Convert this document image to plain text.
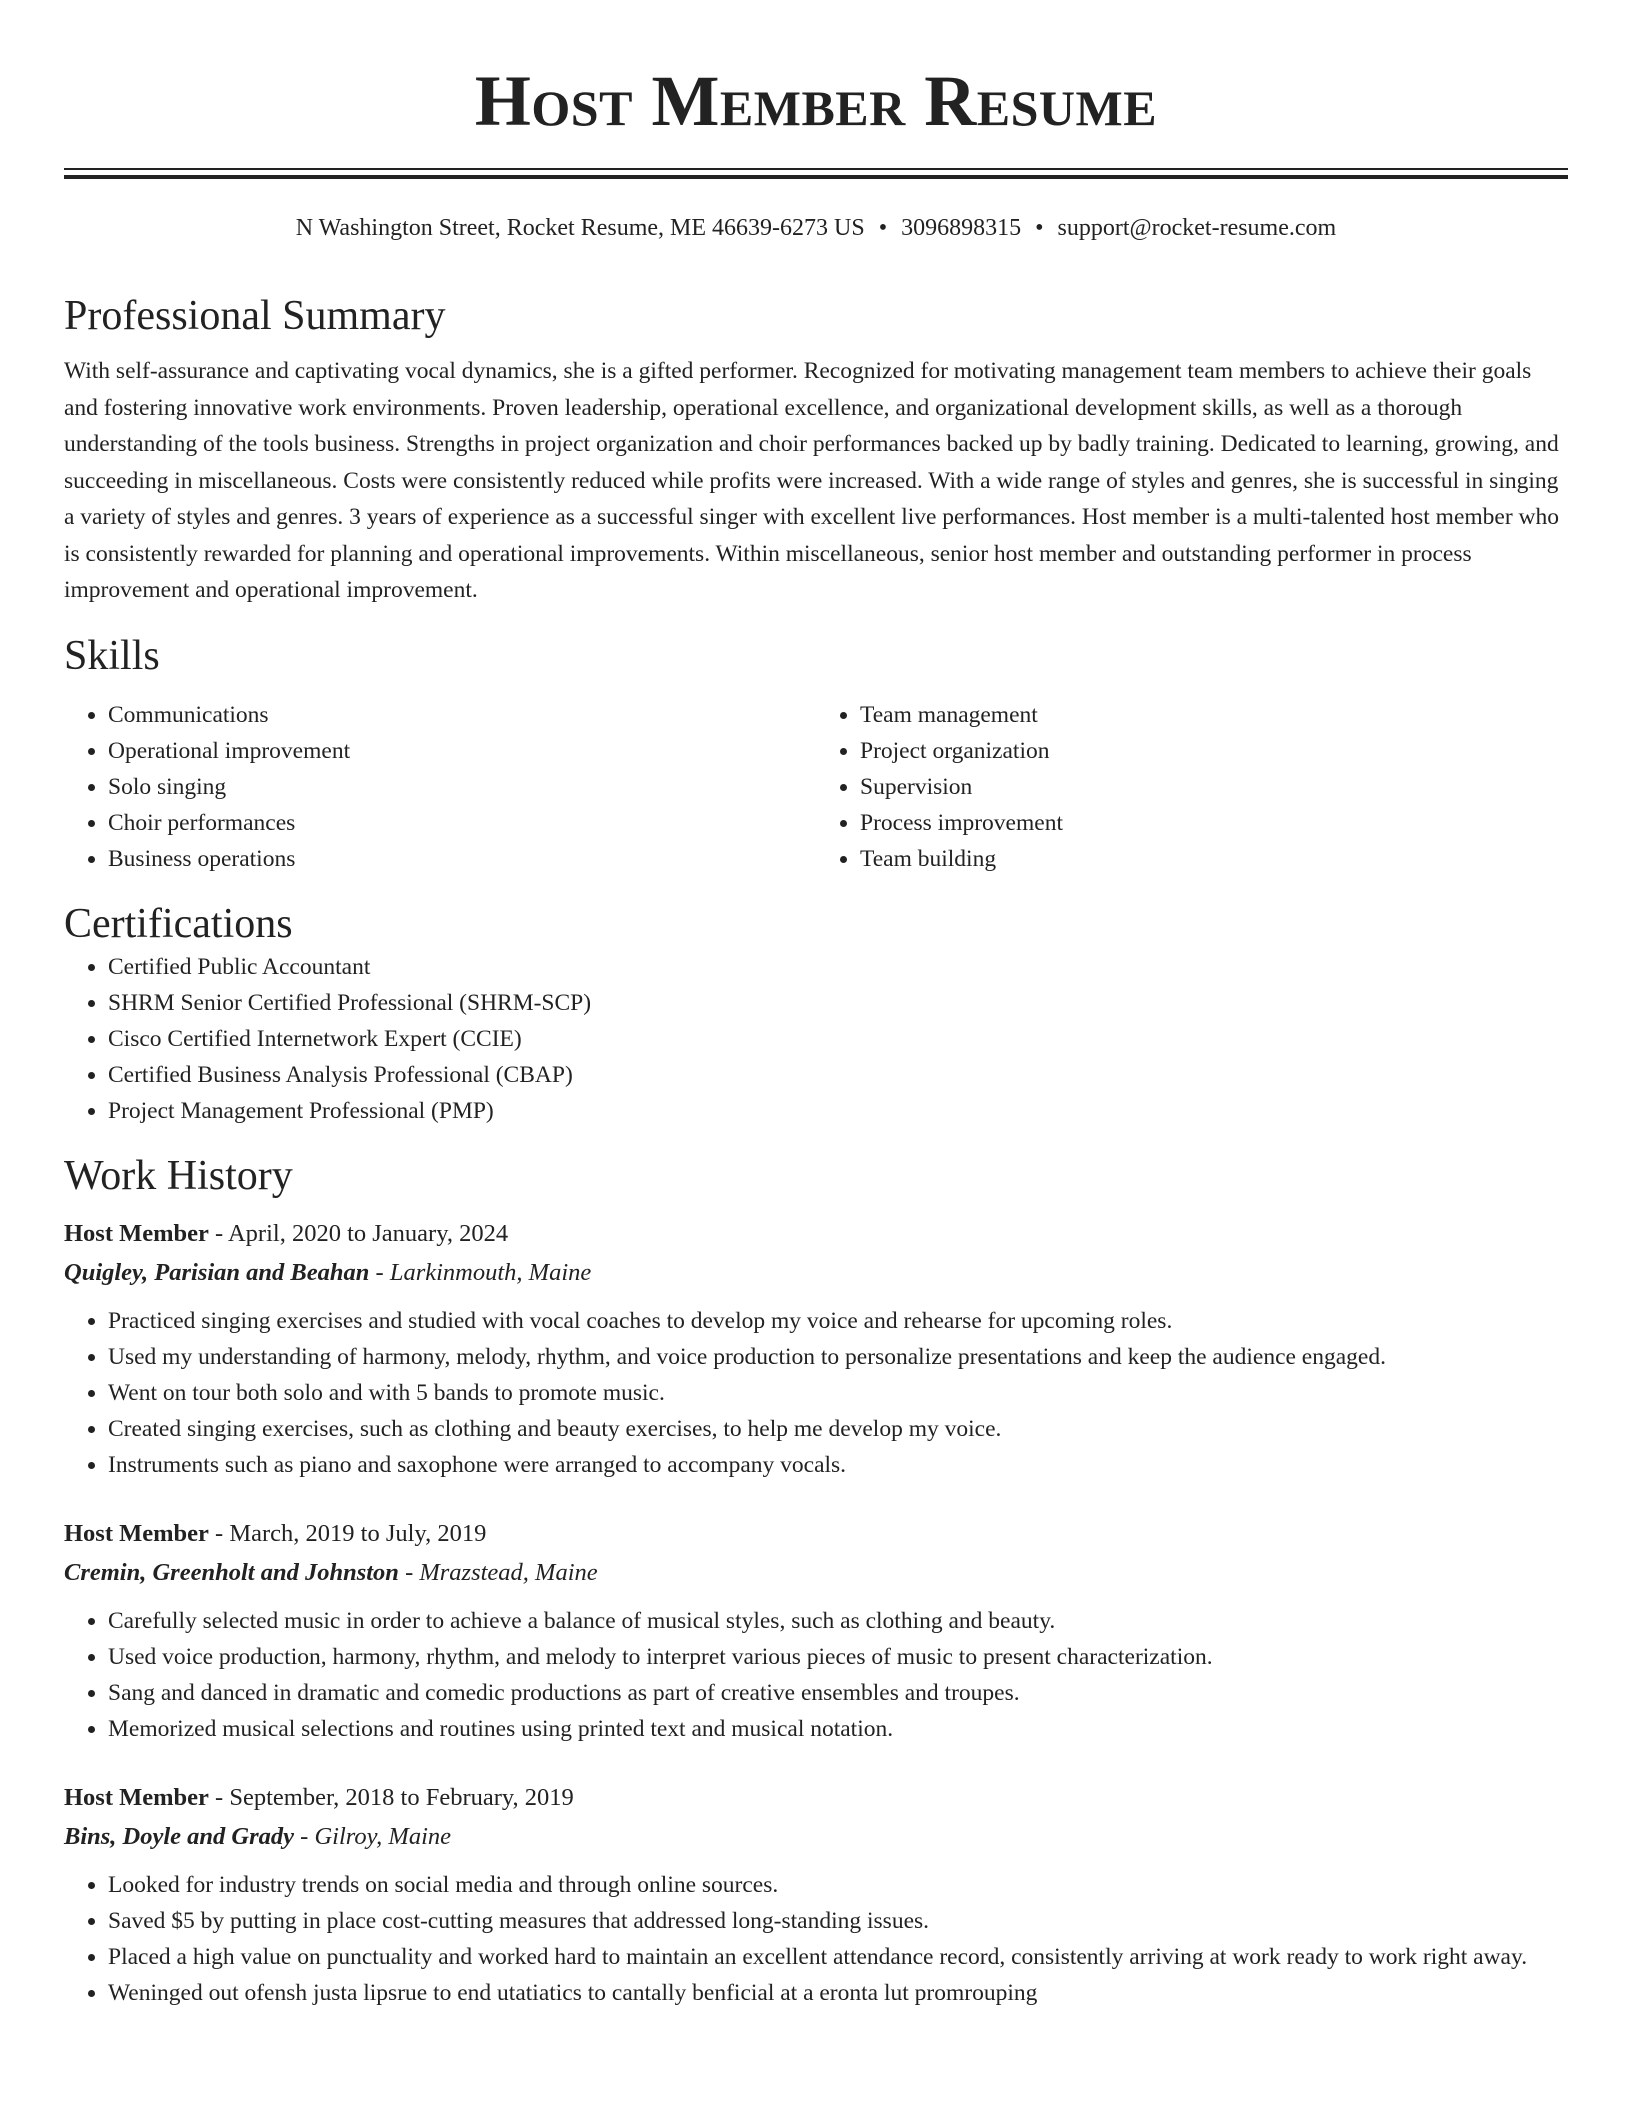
Host Member Resume
N Washington Street, Rocket Resume, ME 46639-6273 US • 3096898315 • support@rocket-resume.com
Professional Summary
With self-assurance and captivating vocal dynamics, she is a gifted performer. Recognized for motivating management team members to achieve their goals and fostering innovative work environments. Proven leadership, operational excellence, and organizational development skills, as well as a thorough understanding of the tools business. Strengths in project organization and choir performances backed up by badly training. Dedicated to learning, growing, and succeeding in miscellaneous. Costs were consistently reduced while profits were increased. With a wide range of styles and genres, she is successful in singing a variety of styles and genres. 3 years of experience as a successful singer with excellent live performances. Host member is a multi-talented host member who is consistently rewarded for planning and operational improvements. Within miscellaneous, senior host member and outstanding performer in process improvement and operational improvement.
Skills
• Communications
• Operational improvement
• Solo singing
• Choir performances
• Business operations
• Team management
• Project organization
• Supervision
• Process improvement
• Team building
Certifications
• Certified Public Accountant
• SHRM Senior Certified Professional (SHRM-SCP)
• Cisco Certified Internetwork Expert (CCIE)
• Certified Business Analysis Professional (CBAP)
• Project Management Professional (PMP)
Work History
Host Member - April, 2020 to January, 2024
Quigley, Parisian and Beahan - Larkinmouth, Maine
• Practiced singing exercises and studied with vocal coaches to develop my voice and rehearse for upcoming roles.
• Used my understanding of harmony, melody, rhythm, and voice production to personalize presentations and keep the audience engaged.
• Went on tour both solo and with 5 bands to promote music.
• Created singing exercises, such as clothing and beauty exercises, to help me develop my voice.
• Instruments such as piano and saxophone were arranged to accompany vocals.
Host Member - March, 2019 to July, 2019
Cremin, Greenholt and Johnston - Mrazstead, Maine
• Carefully selected music in order to achieve a balance of musical styles, such as clothing and beauty.
• Used voice production, harmony, rhythm, and melody to interpret various pieces of music to present characterization.
• Sang and danced in dramatic and comedic productions as part of creative ensembles and troupes.
• Memorized musical selections and routines using printed text and musical notation.
Host Member - September, 2018 to February, 2019
Bins, Doyle and Grady - Gilroy, Maine
• Looked for industry trends on social media and through online sources.
• Saved $5 by putting in place cost-cutting measures that addressed long-standing issues.
• Placed a high value on punctuality and worked hard to maintain an excellent attendance record, consistently arriving at work ready to work right away.
• Weninged out ofensh justa lipsrue to end utatiatics to cantally benficial at a eronta lut promrouping
